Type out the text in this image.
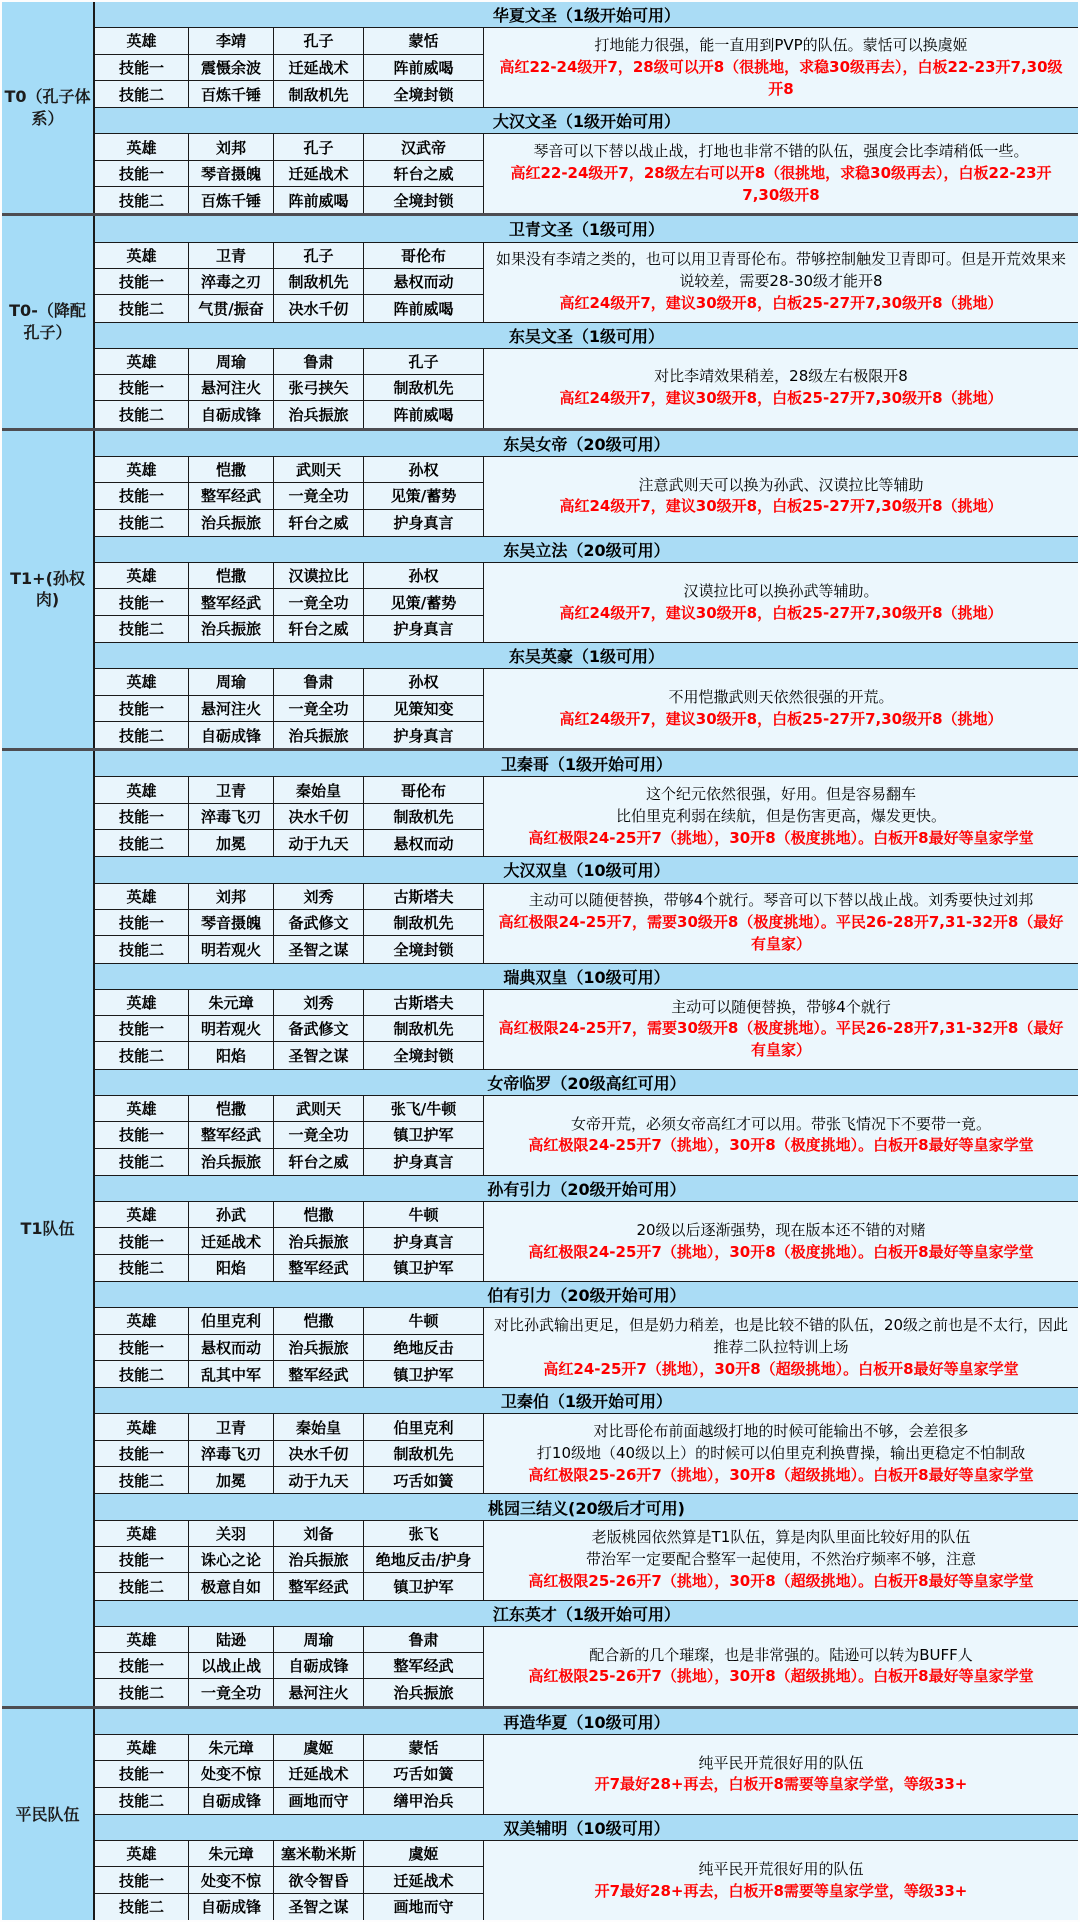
T0（孔子体系）
华夏文圣（1级开始可用）
英雄	李靖	孔子	蒙恬
技能一	震慑余波	迁延战术	阵前威喝
技能二	百炼千锤	制敌机先	全境封锁
打地能力很强，能一直用到PVP的队伍。蒙恬可以换虞姬
高红22-24级开7，28级可以开8（很挑地，求稳30级再去），白板22-23开7,30级开8
大汉文圣（1级开始可用）
英雄	刘邦	孔子	汉武帝
技能一	琴音摄魄	迁延战术	轩台之威
技能二	百炼千锤	阵前威喝	全境封锁
琴音可以下替以战止战，打地也非常不错的队伍，强度会比李靖稍低一些。
高红22-24级开7，28级左右可以开8（很挑地，求稳30级再去），白板22-23开7,30级开8
T0-（降配孔子）
卫青文圣（1级可用）
英雄	卫青	孔子	哥伦布
技能一	淬毒之刃	制敌机先	悬权而动
技能二	气贯/振奋	决水千仞	阵前威喝
如果没有李靖之类的，也可以用卫青哥伦布。带够控制触发卫青即可。但是开荒效果来说较差，需要28-30级才能开8
高红24级开7，建议30级开8，白板25-27开7,30级开8（挑地）
东吴文圣（1级可用）
英雄	周瑜	鲁肃	孔子
技能一	悬河注火	张弓挟矢	制敌机先
技能二	自砺成锋	治兵振旅	阵前威喝
对比李靖效果稍差，28级左右极限开8
高红24级开7，建议30级开8，白板25-27开7,30级开8（挑地）
T1+(孙权肉)
东吴女帝（20级可用）
英雄	恺撒	武则天	孙权
技能一	整军经武	一竟全功	见策/蓄势
技能二	治兵振旅	轩台之威	护身真言
注意武则天可以换为孙武、汉谟拉比等辅助
高红24级开7，建议30级开8，白板25-27开7,30级开8（挑地）
东吴立法（20级可用）
英雄	恺撒	汉谟拉比	孙权
技能一	整军经武	一竟全功	见策/蓄势
技能二	治兵振旅	轩台之威	护身真言
汉谟拉比可以换孙武等辅助。
高红24级开7，建议30级开8，白板25-27开7,30级开8（挑地）
东吴英豪（1级可用）
英雄	周瑜	鲁肃	孙权
技能一	悬河注火	一竟全功	见策知变
技能二	自砺成锋	治兵振旅	护身真言
不用恺撒武则天依然很强的开荒。
高红24级开7，建议30级开8，白板25-27开7,30级开8（挑地）
T1队伍
卫秦哥（1级开始可用）
英雄	卫青	秦始皇	哥伦布
技能一	淬毒飞刃	决水千仞	制敌机先
技能二	加冕	动于九天	悬权而动
这个纪元依然很强，好用。但是容易翻车
比伯里克利弱在续航，但是伤害更高，爆发更快。
高红极限24-25开7（挑地），30开8（极度挑地）。白板开8最好等皇家学堂
大汉双皇（10级可用）
英雄	刘邦	刘秀	古斯塔夫
技能一	琴音摄魄	备武修文	制敌机先
技能二	明若观火	圣智之谋	全境封锁
主动可以随便替换，带够4个就行。琴音可以下替以战止战。刘秀要快过刘邦
高红极限24-25开7，需要30级开8（极度挑地）。平民26-28开7,31-32开8（最好有皇家）
瑞典双皇（10级可用）
英雄	朱元璋	刘秀	古斯塔夫
技能一	明若观火	备武修文	制敌机先
技能二	阳焰	圣智之谋	全境封锁
主动可以随便替换，带够4个就行
高红极限24-25开7，需要30级开8（极度挑地）。平民26-28开7,31-32开8（最好有皇家）
女帝临罗（20级高红可用）
英雄	恺撒	武则天	张飞/牛顿
技能一	整军经武	一竟全功	镇卫护军
技能二	治兵振旅	轩台之威	护身真言
女帝开荒，必须女帝高红才可以用。带张飞情况下不要带一竟。
高红极限24-25开7（挑地），30开8（极度挑地）。白板开8最好等皇家学堂
孙有引力（20级开始可用）
英雄	孙武	恺撒	牛顿
技能一	迁延战术	治兵振旅	护身真言
技能二	阳焰	整军经武	镇卫护军
20级以后逐渐强势，现在版本还不错的对赌
高红极限24-25开7（挑地），30开8（极度挑地）。白板开8最好等皇家学堂
伯有引力（20级开始可用）
英雄	伯里克利	恺撒	牛顿
技能一	悬权而动	治兵振旅	绝地反击
技能二	乱其中军	整军经武	镇卫护军
对比孙武输出更足，但是奶力稍差，也是比较不错的队伍，20级之前也是不太行，因此推荐二队拉特训上场
高红24-25开7（挑地），30开8（超级挑地）。白板开8最好等皇家学堂
卫秦伯（1级开始可用）
英雄	卫青	秦始皇	伯里克利
技能一	淬毒飞刃	决水千仞	制敌机先
技能二	加冕	动于九天	巧舌如簧
对比哥伦布前面越级打地的时候可能输出不够，会差很多
打10级地（40级以上）的时候可以伯里克利换曹操，输出更稳定不怕制敌
高红极限25-26开7（挑地），30开8（超级挑地）。白板开8最好等皇家学堂
桃园三结义(20级后才可用)
英雄	关羽	刘备	张飞
技能一	诛心之论	治兵振旅	绝地反击/护身
技能二	极意自如	整军经武	镇卫护军
老版桃园依然算是T1队伍，算是肉队里面比较好用的队伍
带治军一定要配合整军一起使用，不然治疗频率不够，注意
高红极限25-26开7（挑地），30开8（超级挑地）。白板开8最好等皇家学堂
江东英才（1级开始可用）
英雄	陆逊	周瑜	鲁肃
技能一	以战止战	自砺成锋	整军经武
技能二	一竟全功	悬河注火	治兵振旅
配合新的几个璀璨，也是非常强的。陆逊可以转为BUFF人
高红极限25-26开7（挑地），30开8（超级挑地）。白板开8最好等皇家学堂
平民队伍
再造华夏（10级可用）
英雄	朱元璋	虞姬	蒙恬
技能一	处变不惊	迁延战术	巧舌如簧
技能二	自砺成锋	画地而守	缮甲治兵
纯平民开荒很好用的队伍
开7最好28+再去，白板开8需要等皇家学堂，等级33+
双美辅明（10级可用）
英雄	朱元璋	塞米勒米斯	虞姬
技能一	处变不惊	欲令智昏	迁延战术
技能二	自砺成锋	圣智之谋	画地而守
纯平民开荒很好用的队伍
开7最好28+再去，白板开8需要等皇家学堂，等级33+
